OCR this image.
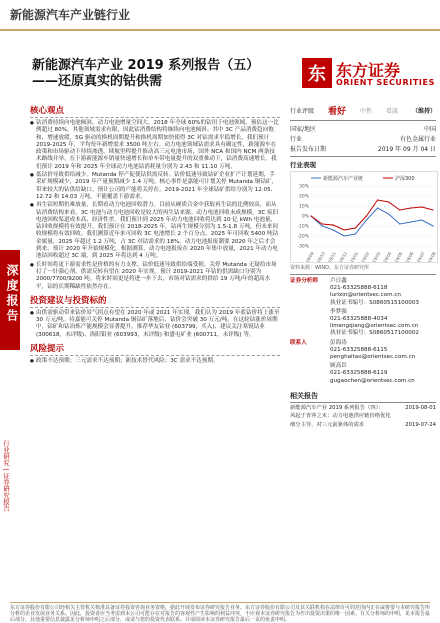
新能源汽车产业链行业
新能源汽车产业 2019 系列报告（五）
——还原真实的钴供需	东 东方证券
ORIENT SECURITIES
深度报告
行业研究 | 证券研究报告
核心观点

● 钴消费持续向电池倾斜，动力电池增量空间大。2018 年全球 60%的钴用于电池领域，预估这一比例超过 80%。其他领域需求有限，因此钴消费结构将继续向电池倾斜。其中 3C 产品消费趋向饱和，增速放缓，5G 驱动的换机周期提升和换机周期加快使得 3C 对钴需求平稳增长，我们预计 2019-2025 年，平均每年新增需求 3500 吨左右。动力电池领域钴需求具有确定性，新能源车在政策和市场驱动下持续渗透，续航里程提升推动高三元电池市场，国外 NCA 和国内 NCM 两条技术路线并举。在下游新能源车销量快速增长和单车带电量提升的双重推动下，钴消费高速增长。我们预计 2019 年和 2025 年全球动力电池钴消耗量分别为 2.43 和 11.10 万吨。

● 低钴价导致供给减少。Mutanda 停产促使钴供需反转。钴价低迷导致钴矿企业扩产计划延期，手采矿规模减少，2019 年产量预期减少 1.4 万吨。核心事件是嘉能可计划关停 Mutanda 铜钴矿，带来较大的钴供给缺口。预计公司的产能将关停在，2019-2021 年全球钴矿供给分别为 12.05、12.72 和 14.03 万吨，不能覆盖下游需求。

● 再生钴短期仍难放量，长期看动力电池回收潜力。目前从硬质合金中获取再生钴的比例较高，而从钴消费结构来看，3C 电池与动力电池回收是较大的再生钴来源。动力电池回收未成规模，3C 废旧电池回收渠道成本高、经济性差。我们预计到 2025 年动力电池回收将达到 10 亿 kWh 电池量，钴回收规模将有效提升。我们预计在 2018-2025 年，钴再生规模分别为 1.5-1.8 万吨，但未来回收规模将有效回收。我们测算近年来可回收 3C 电池增长 2 个百分点，2025 年可回收 5400 吨钴金属量，2025 年超过 1.2 万吨，占 3C 对钴需求的 18%。动力电池报废潮要 2020 年之后才会到来，预计 2020 年开始规模化。根据测算，动力电池报废在 2020 年集中放量，2021 年动力电池钴回收超过 3C 端，到 2025 年将达到 4 万吨。

● 长时间将更下游需求性是价格的有力支撑。钴价低迷导致供给端受损。关停 Mutanda 无疑给市场打了一针强心剂，供需反转有望在 2020 年实现。预计 2019-2021 年钴的供需缺口分别为 2000/7700/9200 吨。将来时间更是将进一步下去，市场对钴需求的供给 19 万吨/年的超高水平，钴的长期稀缺性依然存在。

投资建议与投资标的

● 由供需驱动带来钴价景气拐点有望在 2020 年或 2021 年实现，我们认为 2019 年底钴价将上涨至 30 万元/吨。待嘉能可关停 Mutanda 铜钴矿落地后，钴价会突破 30 万元/吨。在这轮钴涨价周期中，钴矿和钴冶炼产能规模会显著提升。推荐华友钴业 (603799，买入)、建议关注寒锐钴业 (300618，未评级)、洛阳钼业 (603993，未评级) 和盛屯矿业 (600711，未评级) 等。

风险提示

● 政策不达预期；三元需求不达预期；新技术替代风险；3C 需求不达预期。

行业评级 看好 中性 看淡 （维持）
国家/地区	中国
行业	有色金属行业
报告发布日期	2019 年 09 月 04 日
行业表现
新能源汽车产业链	沪深300
30%
20%
10%
0%
-10%
-20%
-30%
18/09 18/10 18/11 18/12 19/01 19/02 19/03 19/04 19/05 19/06 19/07 19/08
资料来源：WIND、东方证券研究所
证券分析师	卢日鑫
021-63325888-6118
lurixin@orientsec.com.cn
执业证书编号：S0860515100003
李梦强
021-63325888-4034
limengqiang@orientsec.com.cn
执业证书编号：S0860517100002
联系人	彭海涛
021-63325888-6115
penghaitao@orientsec.com.cn
顾高臣
021-63325888-6119
gugaochen@orientsec.com.cn
相关报告
新能源汽车产业 2019 系列报告（四）：	2019-08-01
风起于青萍之末：动力电池供应链价格优化
细分主导，对三元前驱体的需求	2019-07-24
东方证券股份有限公司经相关主管机关核准具备证券投资咨询业务资格，据此开展发布证券研究报告业务。东方证券股份有限公司及其关联机构在法律许可的范围内正在或将要与本研究报告所分析的企业发展业务关系。因此，投资者应当考虑到本公司可能存在对报告的客观性产生影响的利益冲突，不应视本证券研究报告为作出投资决策的唯一因素。有关分析师的申明，见本报告最后部分。其他重要信息披露见分析师申明之后部分，或请与您的投资代表联系。并请阅读本证券研究报告最后一页的免责申明。
